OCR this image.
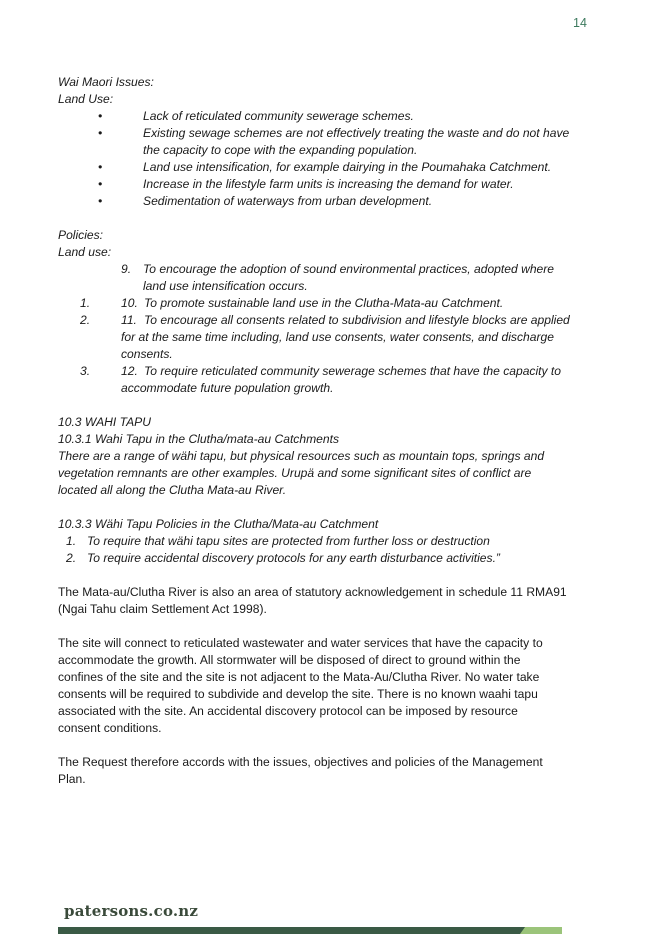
14
Wai Maori Issues:
Land Use:
•	Lack of reticulated community sewerage schemes.
•	Existing sewage schemes are not effectively treating the waste and do not have
the capacity to cope with the expanding population.
•	Land use intensification, for example dairying in the Poumahaka Catchment.
•	Increase in the lifestyle farm units is increasing the demand for water.
•	Sedimentation of waterways from urban development.
Policies:
Land use:
9. To encourage the adoption of sound environmental practices, adopted where
land use intensification occurs.
1.	10. To promote sustainable land use in the Clutha-Mata-au Catchment.
2.	11. To encourage all consents related to subdivision and lifestyle blocks are applied
for at the same time including, land use consents, water consents, and discharge
consents.
3.	12. To require reticulated community sewerage schemes that have the capacity to
accommodate future population growth.
10.3 WAHI TAPU
10.3.1 Wahi Tapu in the Clutha/mata-au Catchments
There are a range of wähi tapu, but physical resources such as mountain tops, springs and
vegetation remnants are other examples. Urupä and some significant sites of conflict are
located all along the Clutha Mata-au River.
10.3.3 Wähi Tapu Policies in the Clutha/Mata-au Catchment
1. To require that wähi tapu sites are protected from further loss or destruction
2. To require accidental discovery protocols for any earth disturbance activities.”
The Mata-au/Clutha River is also an area of statutory acknowledgement in schedule 11 RMA91
(Ngai Tahu claim Settlement Act 1998).
The site will connect to reticulated wastewater and water services that have the capacity to
accommodate the growth. All stormwater will be disposed of direct to ground within the
confines of the site and the site is not adjacent to the Mata-Au/Clutha River. No water take
consents will be required to subdivide and develop the site. There is no known waahi tapu
associated with the site. An accidental discovery protocol can be imposed by resource
consent conditions.
The Request therefore accords with the issues, objectives and policies of the Management
Plan.
patersons.co.nz
